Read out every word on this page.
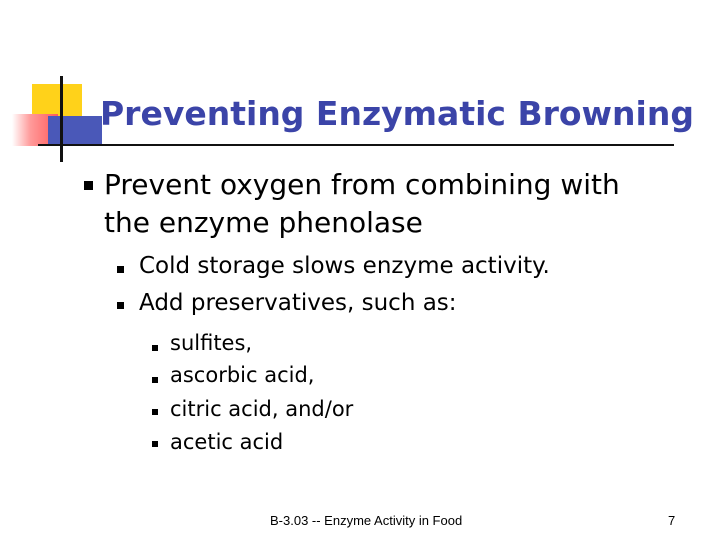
Preventing Enzymatic Browning
Prevent oxygen from combining with the enzyme phenolase
Cold storage slows enzyme activity.
Add preservatives, such as:
sulfites,
ascorbic acid,
citric acid, and/or
acetic acid
B-3.03 -- Enzyme Activity in Food	7
